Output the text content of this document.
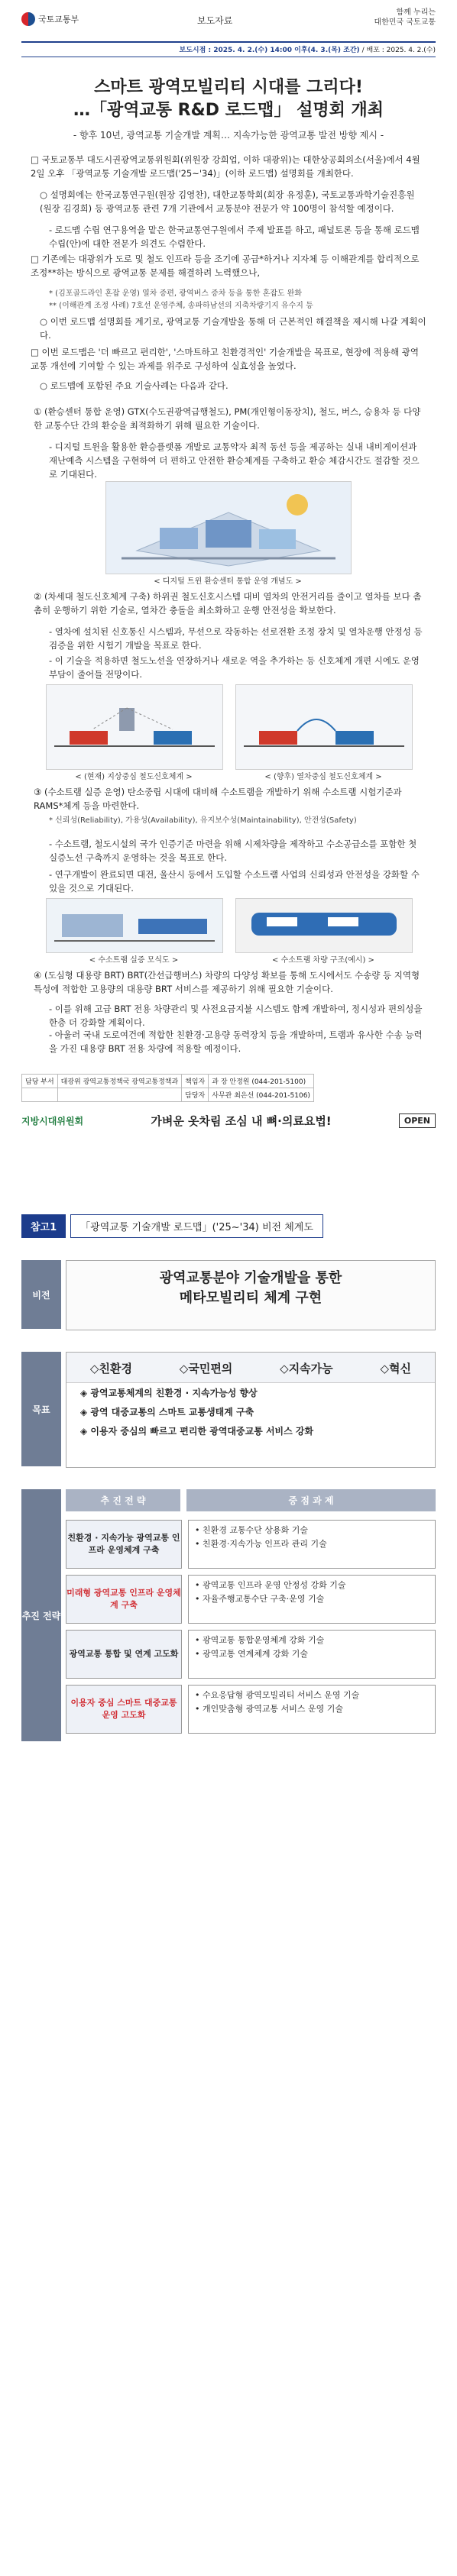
국토교통부	보도자료
함께 누리는
대한민국 국토교통
보도시점 : 2025. 4. 2.(수) 14:00 이후(4. 3.(목) 조간) / 배포 : 2025. 4. 2.(수)
스마트 광역모빌리티 시대를 그리다!
…「광역교통 R&D 로드맵」 설명회 개최
- 향후 10년, 광역교통 기술개발 계획… 지속가능한 광역교통 발전 방향 제시 -
□ 국토교통부 대도시권광역교통위원회(위원장 강희업, 이하 대광위)는 대한상공회의소(서울)에서 4월 2일 오후 「광역교통 기술개발 로드맵('25~'34)」(이하 로드맵) 설명회를 개최한다.
○ 설명회에는 한국교통연구원(원장 김영찬), 대한교통학회(회장 유정훈), 국토교통과학기술진흥원(원장 김경희) 등 광역교통 관련 7개 기관에서 교통분야 전문가 약 100명이 참석할 예정이다.
- 로드맵 수립 연구용역을 맡은 한국교통연구원에서 주제 발표를 하고, 패널토론 등을 통해 로드맵 수립(안)에 대한 전문가 의견도 수렴한다.
□ 기존에는 대광위가 도로 및 철도 인프라 등을 조기에 공급*하거나 지자체 등 이해관계를 합리적으로 조정**하는 방식으로 광역교통 문제를 해결하려 노력했으나,
* (김포골드라인 혼잡 운영) 열차 증편, 광역버스 증차 등을 통한 혼잡도 완화
** (이해관계 조정 사례) 7호선 운영주체, 송파하남선의 지축차량기지 유수지 등
○ 이번 로드맵 설명회를 계기로, 광역교통 기술개발을 통해 더 근본적인 해결책을 제시해 나갈 계획이다.
□ 이번 로드맵은 '더 빠르고 편리한', '스마트하고 친환경적인' 기술개발을 목표로, 현장에 적용해 광역교통 개선에 기여할 수 있는 과제를 위주로 구성하여 실효성을 높였다.
○ 로드맵에 포함된 주요 기술사례는 다음과 같다.
① (환승센터 통합 운영) GTX(수도권광역급행철도), PM(개인형이동장치), 철도, 버스, 승용차 등 다양한 교통수단 간의 환승을 최적화하기 위해 필요한 기술이다.
- 디지털 트윈을 활용한 환승플랫폼 개발로 교통약자 최적 동선 등을 제공하는 실내 내비게이션과 재난예측 시스템을 구현하여 더 편하고 안전한 환승체계를 구축하고 환승 체감시간도 절감할 것으로 기대된다.
< 디지털 트윈 환승센터 통합 운영 개념도 >
② (차세대 철도신호체계 구축) 하위권 철도신호시스템 대비 열차의 안전거리를 줄이고 열차를 보다 촘촘히 운행하기 위한 기술로, 열차간 충돌을 최소화하고 운행 안전성을 확보한다.
- 열차에 설치된 신호통신 시스템과, 무선으로 작동하는 선로전환 조정 장치 및 열차운행 안정성 등 검증을 위한 시험기 개발을 목표로 한다.
- 이 기술을 적용하면 철도노선을 연장하거나 새로운 역을 추가하는 등 신호체계 개편 시에도 운영부담이 줄어들 전망이다.
< (현재) 지상중심 철도신호체계 >	< (향후) 열차중심 철도신호체계 >
③ (수소트램 실증 운영) 탄소중립 시대에 대비해 수소트램을 개발하기 위해 수소트램 시험기준과 RAMS*체계 등을 마련한다.
* 신뢰성(Reliability), 가용성(Availability), 유지보수성(Maintainability), 안전성(Safety)
- 수소트램, 철도시설의 국가 인증기준 마련을 위해 시제차량을 제작하고 수소공급소를 포함한 첫 실증노선 구축까지 운영하는 것을 목표로 한다.
- 연구개발이 완료되면 대전, 울산시 등에서 도입할 수소트램 사업의 신뢰성과 안전성을 강화할 수 있을 것으로 기대된다.
< 수소트램 실증 모식도 >	< 수소트램 차량 구조(예시) >
④ (도심형 대용량 BRT) BRT(간선급행버스) 차량의 다양성 확보를 통해 도시에서도 수송량 등 지역형 특성에 적합한 고용량의 대용량 BRT 서비스를 제공하기 위해 필요한 기술이다.
- 이를 위해 고급 BRT 전용 차량관리 및 사전요금지불 시스템도 함께 개발하여, 정시성과 편의성을 한층 더 강화할 계획이다.
- 아울러 국내 도로여건에 적합한 친환경·고용량 동력장치 등을 개발하며, 트램과 유사한 수송 능력을 가진 대용량 BRT 전용 차량에 적용할 예정이다.
담당 부서	대광위 광역교통정책국 광역교통정책과	책임자	과 장 안정원 (044-201-5100)
		담당자	사무관 최은선 (044-201-5106)
지방시대위원회	가벼운 옷차림 조심 내 뼈·의료요법!	OPEN
참고1	「광역교통 기술개발 로드맵」('25~'34) 비전 체계도
비전
광역교통분야 기술개발을 통한
메타모빌리티 체계 구현
목표
◇친환경	◇국민편의	◇지속가능	◇혁신
◈ 광역교통체계의 친환경 · 지속가능성 향상
◈ 광역 대중교통의 스마트 교통생태계 구축
◈ 이용자 중심의 빠르고 편리한 광역대중교통 서비스 강화
추진 전략
추 진 전 략	중 점 과 제
친환경 · 지속가능 광역교통 인프라 운영체계 구축
• 친환경 교통수단 상용화 기술
• 친환경·지속가능 인프라 관리 기술
미래형 광역교통 인프라 운영체계 구축
• 광역교통 인프라 운영 안정성 강화 기술
• 자율주행교통수단 구축·운영 기술
광역교통 통합 및 연계 고도화
• 광역교통 통합운영체계 강화 기술
• 광역교통 연계체계 강화 기술
이용자 중심 스마트 대중교통 운영 고도화
• 수요응답형 광역모빌리티 서비스 운영 기술
• 개인맞춤형 광역교통 서비스 운영 기술
